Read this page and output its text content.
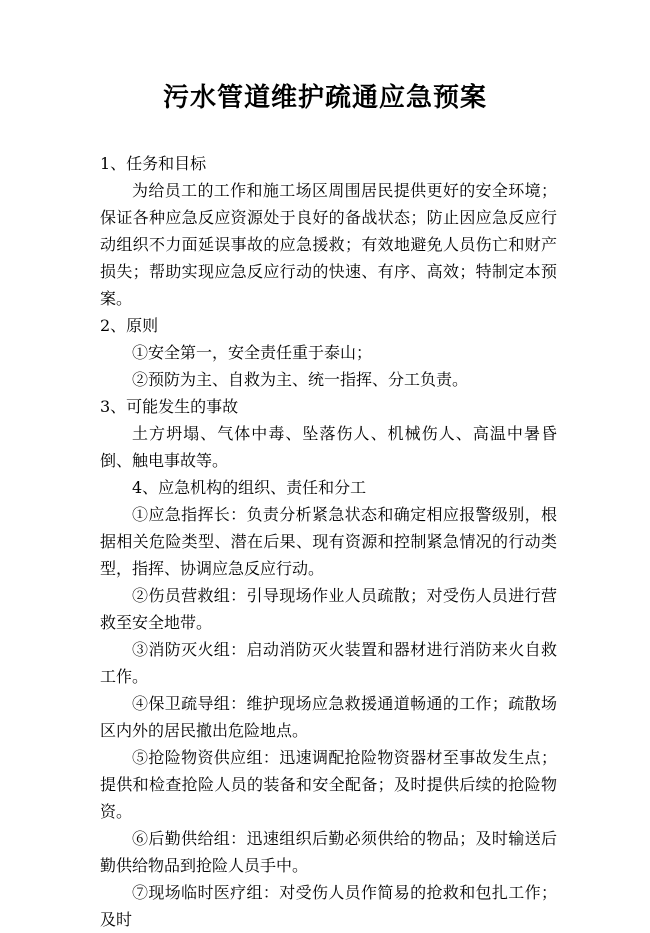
污水管道维护疏通应急预案

1、任务和目标

为给员工的工作和施工场区周围居民提供更好的安全环境；保证各种应急反应资源处于良好的备战状态；防止因应急反应行动组织不力面延误事故的应急援救；有效地避免人员伤亡和财产损失；帮助实现应急反应行动的快速、有序、高效；特制定本预案。

2、原则

①安全第一，安全责任重于泰山；

②预防为主、自救为主、统一指挥、分工负责。

3、可能发生的事故

土方坍塌、气体中毒、坠落伤人、机械伤人、高温中暑昏倒、触电事故等。

4、应急机构的组织、责任和分工

①应急指挥长：负责分析紧急状态和确定相应报警级别，根据相关危险类型、潜在后果、现有资源和控制紧急情况的行动类型，指挥、协调应急反应行动。

②伤员营救组：引导现场作业人员疏散；对受伤人员进行营救至安全地带。

③消防灭火组：启动消防灭火装置和器材进行消防来火自救工作。

④保卫疏导组：维护现场应急救援通道畅通的工作；疏散场区内外的居民撤出危险地点。

⑤抢险物资供应组：迅速调配抢险物资器材至事故发生点；提供和检查抢险人员的装备和安全配备；及时提供后续的抢险物资。

⑥后勤供给组：迅速组织后勤必须供给的物品；及时输送后勤供给物品到抢险人员手中。

⑦现场临时医疗组：对受伤人员作简易的抢救和包扎工作；及时
